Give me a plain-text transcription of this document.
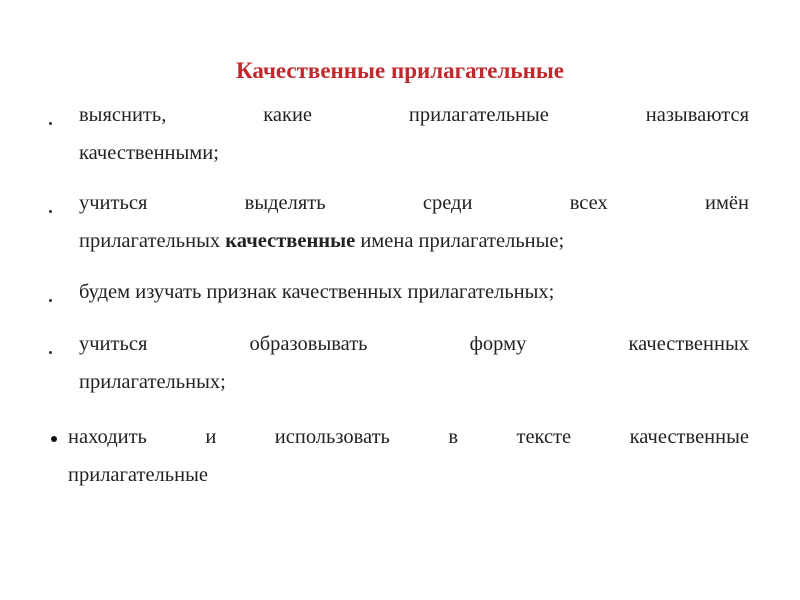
Качественные прилагательные
выяснить, какие прилагательные называются
качественными;
учиться выделять среди всех имён
прилагательных качественные имена прилагательные;
будем изучать признак качественных прилагательных;
учиться образовывать форму качественных
прилагательных;
находить и использовать в тексте качественные
прилагательные
